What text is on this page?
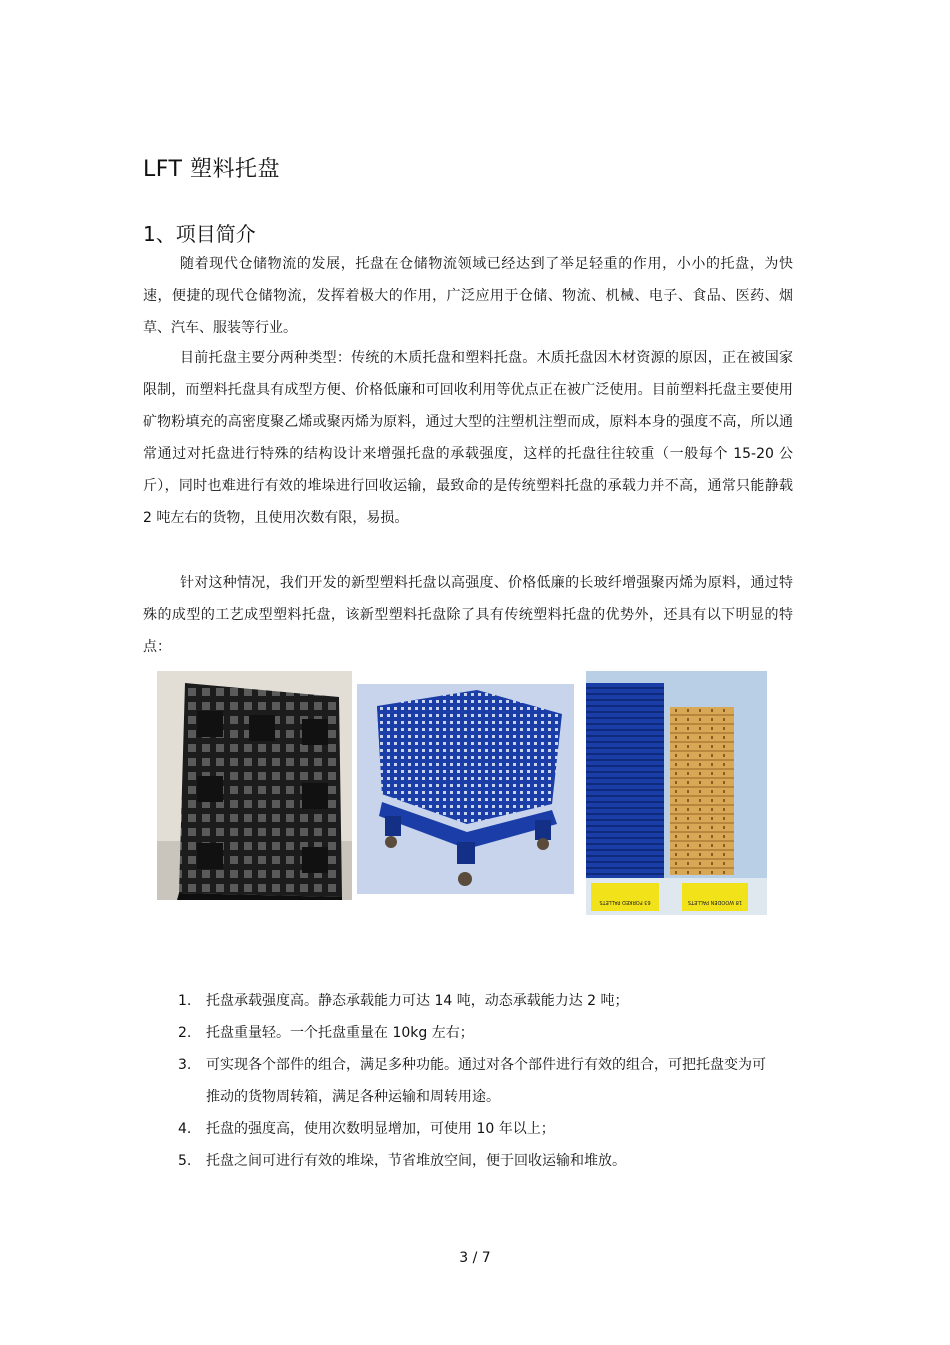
LFT 塑料托盘
1、项目简介

随着现代仓储物流的发展，托盘在仓储物流领域已经达到了举足轻重的作用，小小的托盘，为快速，便捷的现代仓储物流，发挥着极大的作用，广泛应用于仓储、物流、机械、电子、食品、医药、烟草、汽车、服装等行业。

目前托盘主要分两种类型：传统的木质托盘和塑料托盘。木质托盘因木材资源的原因，正在被国家限制，而塑料托盘具有成型方便、价格低廉和可回收利用等优点正在被广泛使用。目前塑料托盘主要使用矿物粉填充的高密度聚乙烯或聚丙烯为原料，通过大型的注塑机注塑而成，原料本身的强度不高，所以通常通过对托盘进行特殊的结构设计来增强托盘的承载强度，这样的托盘往往较重（一般每个 15-20 公斤），同时也难进行有效的堆垛进行回收运输，最致命的是传统塑料托盘的承载力并不高，通常只能静载 2 吨左右的货物，且使用次数有限，易损。

针对这种情况，我们开发的新型塑料托盘以高强度、价格低廉的长玻纤增强聚丙烯为原料，通过特殊的成型的工艺成型塑料托盘，该新型塑料托盘除了具有传统塑料托盘的优势外，还具有以下明显的特点：

63 FORKED PALLETS	18 WOODEN PALLETS
1. 托盘承载强度高。静态承载能力可达 14 吨，动态承载能力达 2 吨；
2. 托盘重量轻。一个托盘重量在 10kg 左右；
3. 可实现各个部件的组合，满足多种功能。通过对各个部件进行有效的组合，可把托盘变为可推动的货物周转箱，满足各种运输和周转用途。
4. 托盘的强度高，使用次数明显增加，可使用 10 年以上；
5. 托盘之间可进行有效的堆垛，节省堆放空间，便于回收运输和堆放。
3 / 7
